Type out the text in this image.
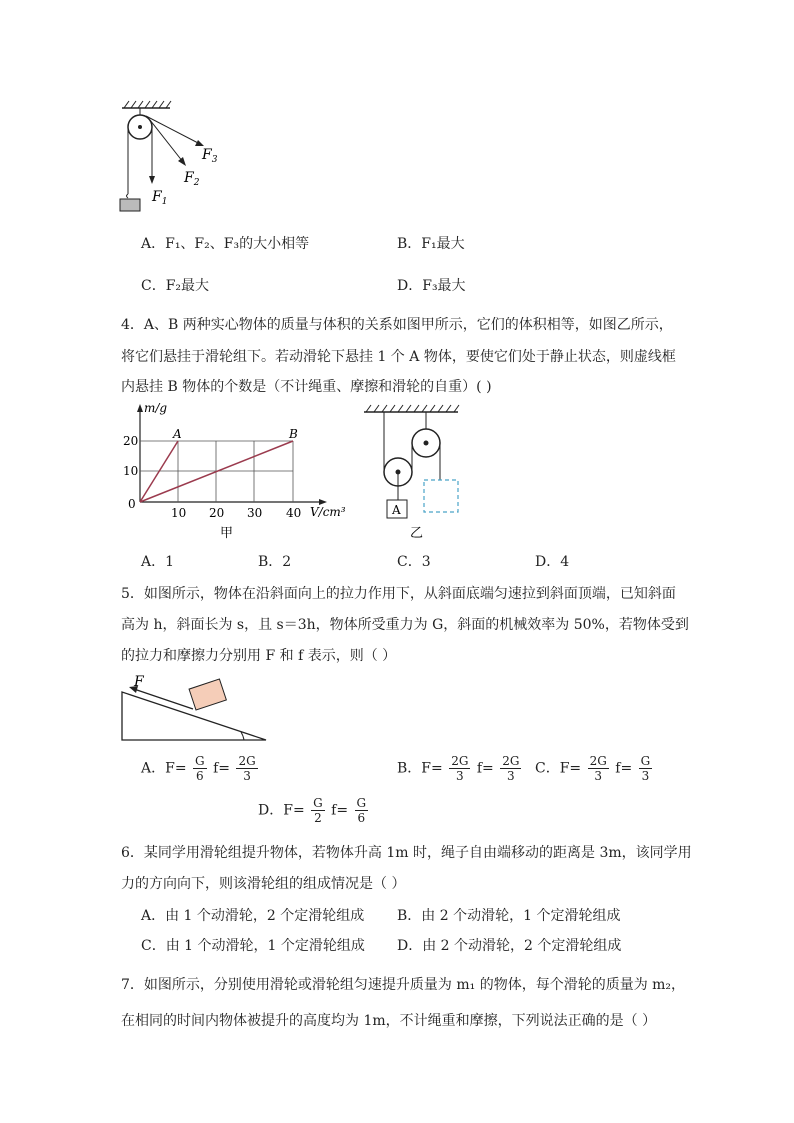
$F_1$
$F_2$
$F_3$
A．F₁、F₂、F₃的大小相等	B．F₁最大
C．F₂最大	D．F₃最大
4．A、B 两种实心物体的质量与体积的关系如图甲所示，它们的体积相等，如图乙所示，
将它们悬挂于滑轮组下。若动滑轮下悬挂 1 个 A 物体，要使它们处于静止状态，则虚线框
内悬挂 B 物体的个数是（不计绳重、摩擦和滑轮的自重）( )
m/g
V/cm³
0
20
10
10 20 30 40
A	B
甲
A
乙
A．1	B．2	C．3	D．4
5．如图所示，物体在沿斜面向上的拉力作用下，从斜面底端匀速拉到斜面顶端，已知斜面
高为 h，斜面长为 s，且 s＝3h，物体所受重力为 G，斜面的机械效率为 50%，若物体受到
的拉力和摩擦力分别用 F 和 f 表示，则（ ）
F
A．$F= \frac{G}{6} f= \frac{2G}{3}$	B．$F= \frac{2G}{3} f= \frac{2G}{3}$ C．$F= \frac{2G}{3} f= \frac{G}{3}$
D．$F= \frac{G}{2} f= \frac{G}{6}$
6．某同学用滑轮组提升物体，若物体升高 1m 时，绳子自由端移动的距离是 3m，该同学用
力的方向向下，则该滑轮组的组成情况是（ ）
A．由 1 个动滑轮，2 个定滑轮组成 B．由 2 个动滑轮，1 个定滑轮组成
C．由 1 个动滑轮，1 个定滑轮组成 D．由 2 个动滑轮，2 个定滑轮组成
7．如图所示，分别使用滑轮或滑轮组匀速提升质量为 m₁ 的物体，每个滑轮的质量为 m₂，
在相同的时间内物体被提升的高度均为 1m，不计绳重和摩擦，下列说法正确的是（ ）
